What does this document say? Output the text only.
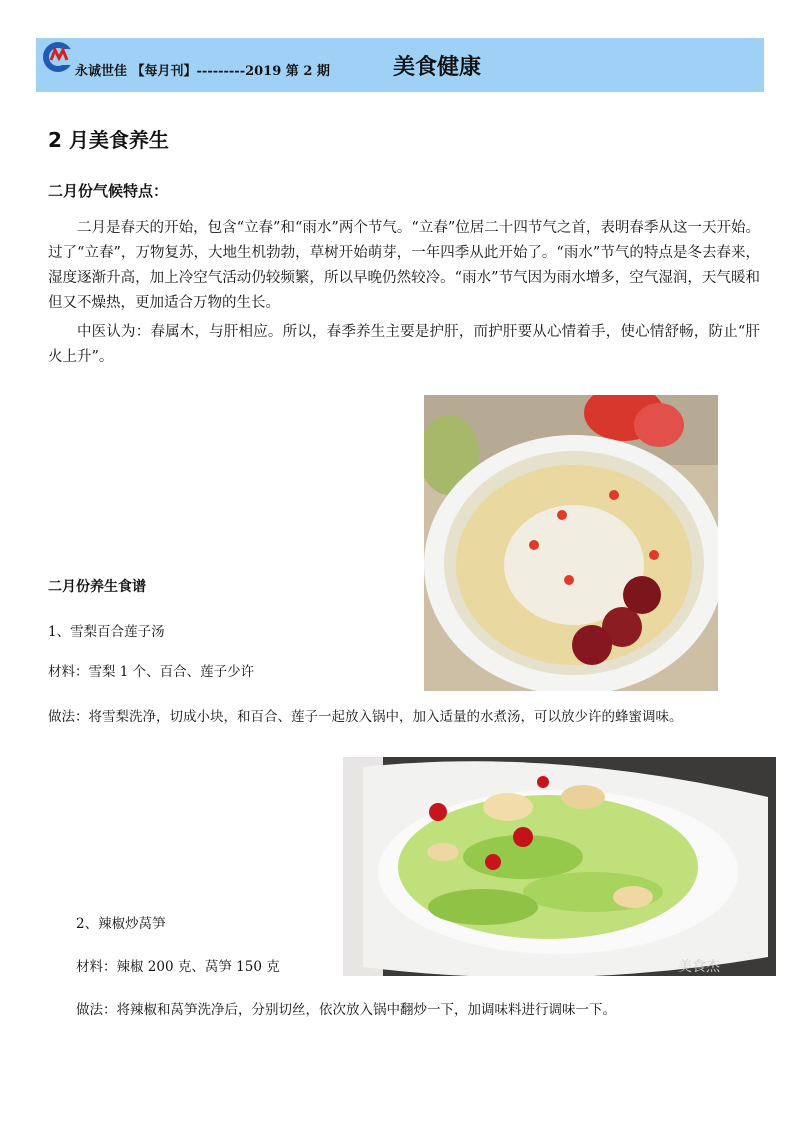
永诚世佳 【每月刊】---------2019 第 2 期	美食健康
2 月美食养生
二月份气候特点：

二月是春天的开始，包含“立春”和“雨水”两个节气。“立春”位居二十四节气之首，表明春季从这一天开始。过了“立春”，万物复苏，大地生机勃勃，草树开始萌芽，一年四季从此开始了。“雨水”节气的特点是冬去春来，湿度逐渐升高，加上冷空气活动仍较频繁，所以早晚仍然较冷。“雨水”节气因为雨水增多，空气湿润，天气暖和但又不燥热，更加适合万物的生长。

中医认为：春属木，与肝相应。所以，春季养生主要是护肝，而护肝要从心情着手，使心情舒畅，防止“肝火上升”。

二月份养生食谱
1、雪梨百合莲子汤
材料：雪梨 1 个、百合、莲子少许
做法：将雪梨洗净，切成小块，和百合、莲子一起放入锅中，加入适量的水煮汤，可以放少许的蜂蜜调味。
美食杰
2、辣椒炒莴笋
材料：辣椒 200 克、莴笋 150 克
做法：将辣椒和莴笋洗净后，分别切丝，依次放入锅中翻炒一下，加调味料进行调味一下。
